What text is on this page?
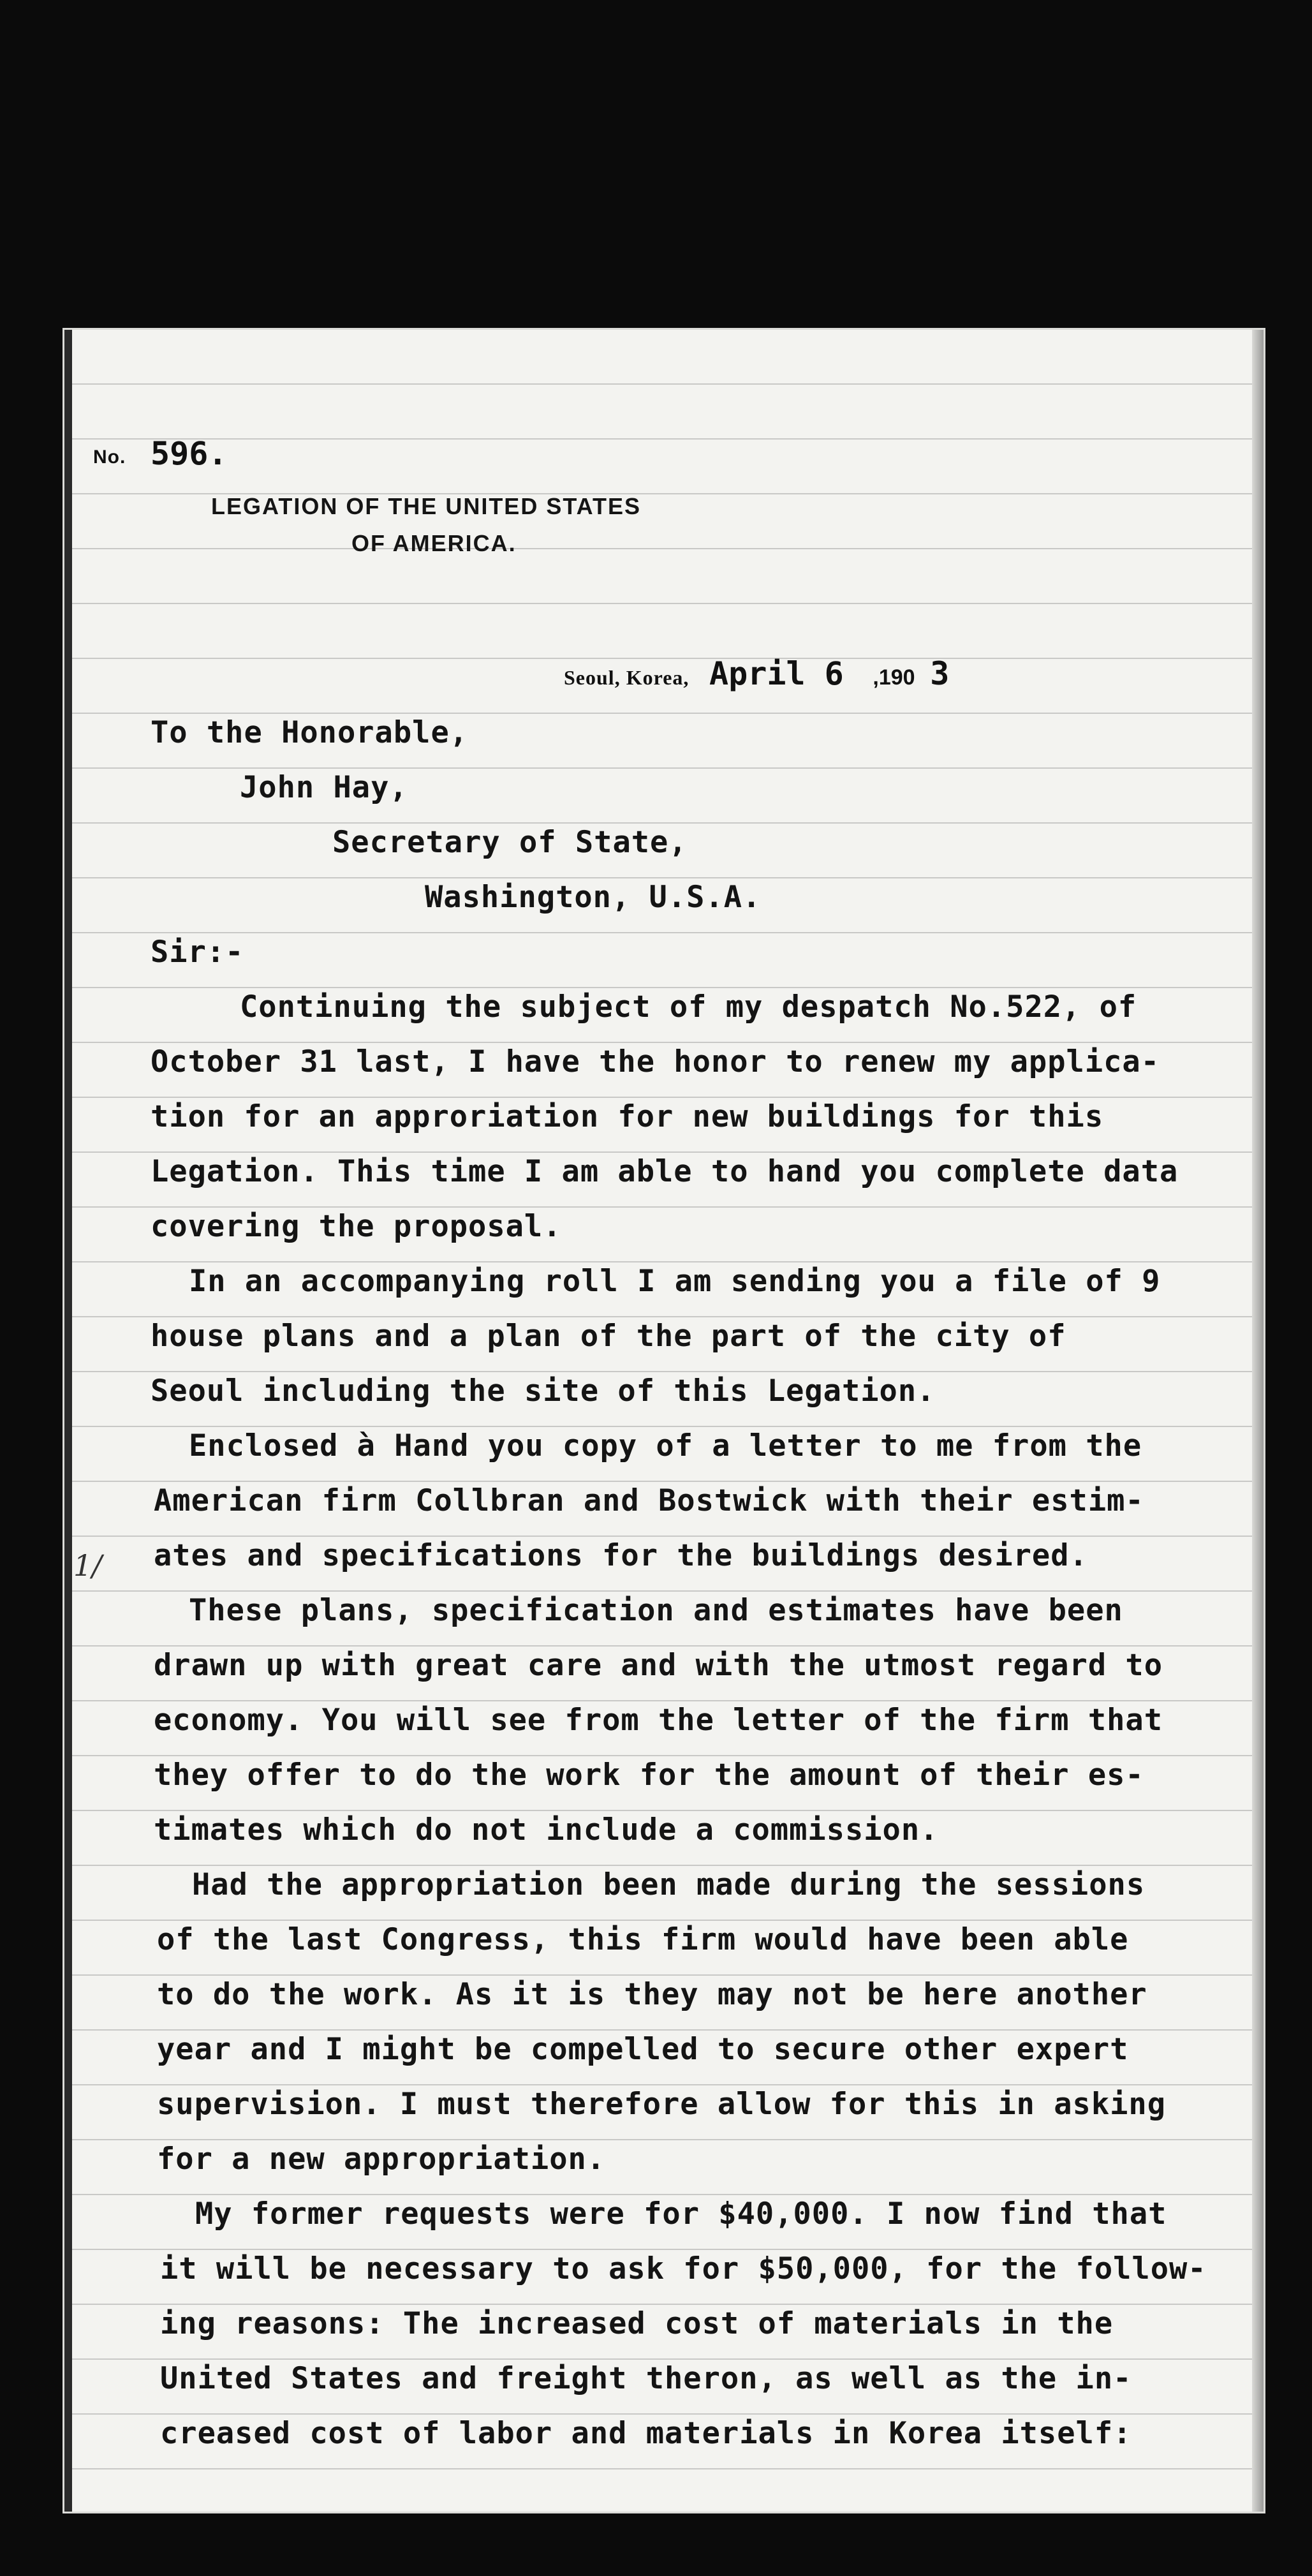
No. 596.
LEGATION OF THE UNITED STATES
OF AMERICA.
Seoul, Korea, April 6 ,190 3
To the Honorable,
John Hay,
Secretary of State,
Washington, U.S.A.
Sir:-
Continuing the subject of my despatch No.522, of
October 31 last, I have the honor to renew my applica-
tion for an approriation for new buildings for this
Legation. This time I am able to hand you complete data
covering the proposal.
In an accompanying roll I am sending you a file of 9
house plans and a plan of the part of the city of
Seoul including the site of this Legation.
Enclosed à Hand you copy of a letter to me from the
American firm Collbran and Bostwick with their estim-
ates and specifications for the buildings desired.
These plans, specification and estimates have been
drawn up with great care and with the utmost regard to
economy. You will see from the letter of the firm that
they offer to do the work for the amount of their es-
timates which do not include a commission.
Had the appropriation been made during the sessions
of the last Congress, this firm would have been able
to do the work. As it is they may not be here another
year and I might be compelled to secure other expert
supervision. I must therefore allow for this in asking
for a new appropriation.
My former requests were for $40,000. I now find that
it will be necessary to ask for $50,000, for the follow-
ing reasons: The increased cost of materials in the
United States and freight theron, as well as the in-
creased cost of labor and materials in Korea itself:
1/
